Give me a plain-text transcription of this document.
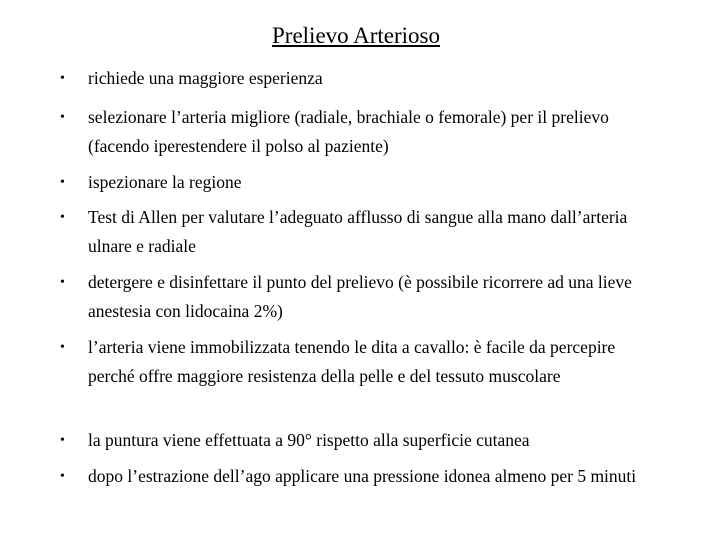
Prelievo Arterioso
•	richiede una maggiore esperienza
•	selezionare l’arteria migliore (radiale, brachiale o femorale) per il prelievo (facendo iperestendere il polso al paziente)
•	ispezionare la regione
•	Test di Allen per valutare l’adeguato afflusso di sangue alla mano dall’arteria ulnare e radiale
•	detergere e disinfettare il punto del prelievo (è possibile ricorrere ad una lieve anestesia con lidocaina 2%)
•	l’arteria viene immobilizzata tenendo le dita a cavallo: è facile da percepire perché offre maggiore resistenza della pelle e del tessuto muscolare
•	la puntura viene effettuata a 90° rispetto alla superficie cutanea
•	dopo l’estrazione dell’ago applicare una pressione idonea almeno per 5 minuti
